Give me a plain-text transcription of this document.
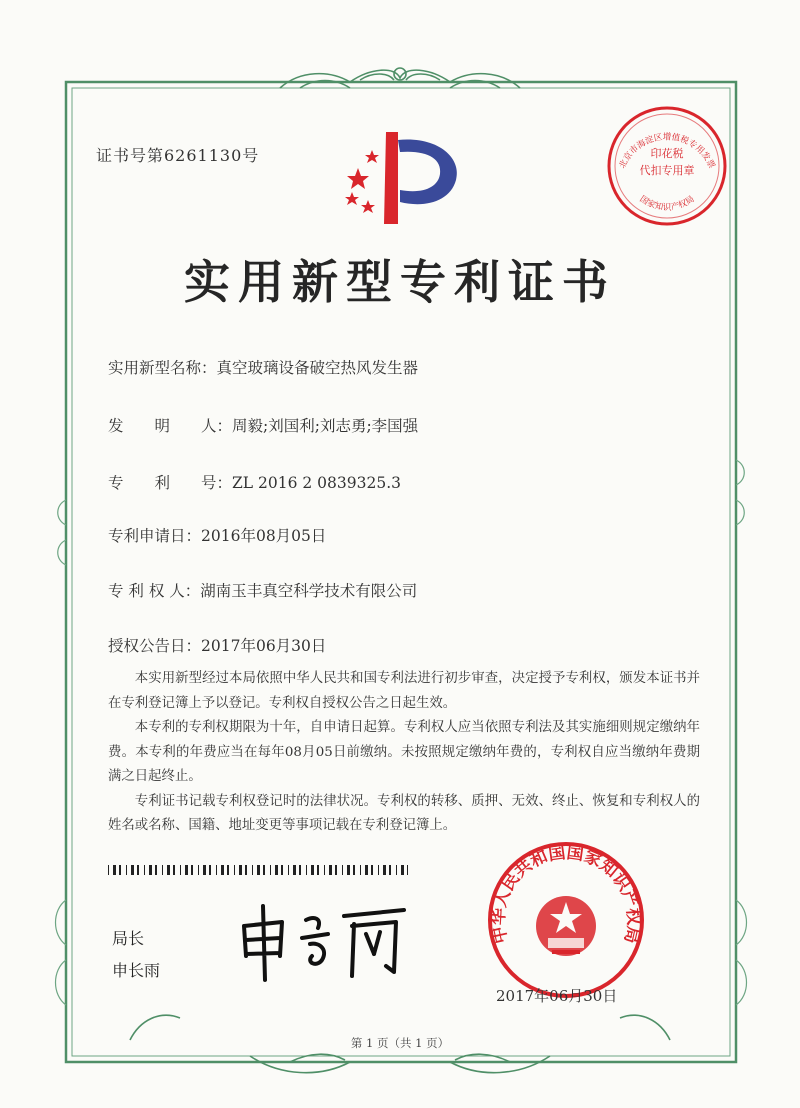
证书号第6261130号	印花税
代扣专用章
北京市海淀区增值税专用发票
国家知识产权局
实用新型专利证书
实用新型名称：真空玻璃设备破空热风发生器
发　　明　　人：周毅;刘国利;刘志勇;李国强
专　　利　　号：ZL 2016 2 0839325.3
专利申请日：2016年08月05日
专 利 权 人：湖南玉丰真空科学技术有限公司
授权公告日：2017年06月30日

本实用新型经过本局依照中华人民共和国专利法进行初步审查，决定授予专利权，颁发本证书并在专利登记簿上予以登记。专利权自授权公告之日起生效。

本专利的专利权期限为十年，自申请日起算。专利权人应当依照专利法及其实施细则规定缴纳年费。本专利的年费应当在每年08月05日前缴纳。未按照规定缴纳年费的，专利权自应当缴纳年费期满之日起终止。

专利证书记载专利权登记时的法律状况。专利权的转移、质押、无效、终止、恢复和专利权人的姓名或名称、国籍、地址变更等事项记载在专利登记簿上。

局长
申长雨
中华人民共和国国家知识产权局
2017年06月30日
第 1 页（共 1 页）
